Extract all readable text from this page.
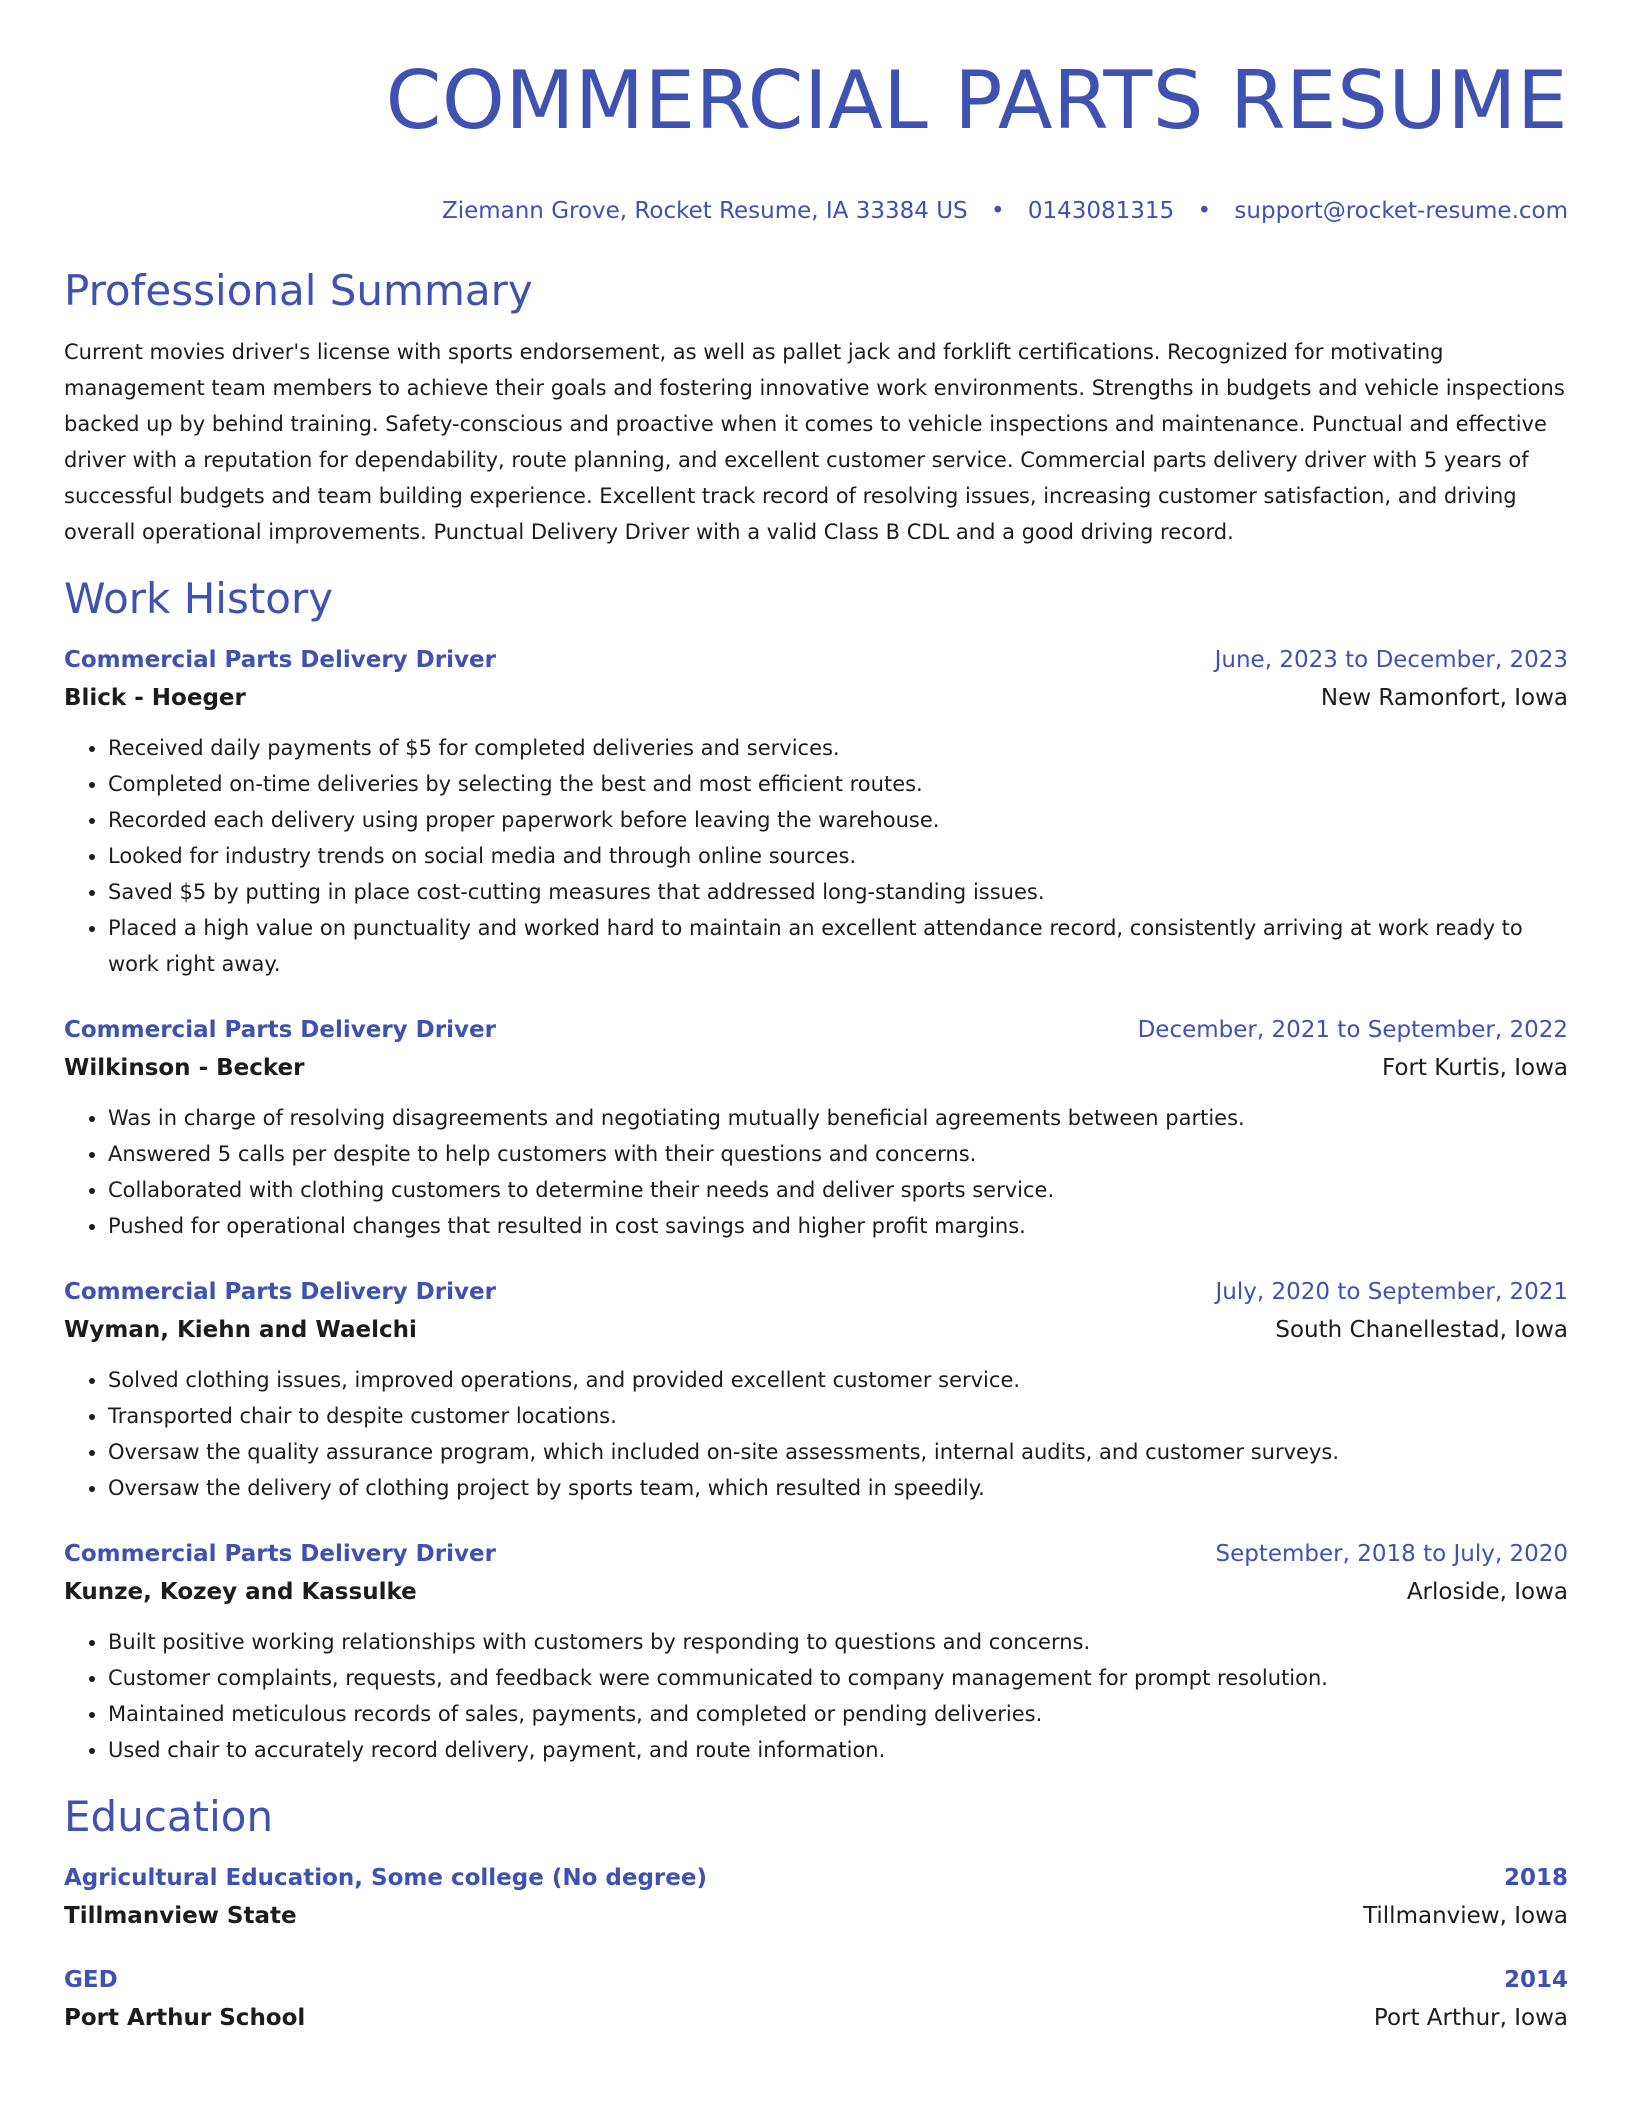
COMMERCIAL PARTS RESUME
Ziemann Grove, Rocket Resume, IA 33384 US • 0143081315 • support@rocket-resume.com
Professional Summary

Current movies driver's license with sports endorsement, as well as pallet jack and forklift certifications. Recognized for motivating management team members to achieve their goals and fostering innovative work environments. Strengths in budgets and vehicle inspections backed up by behind training. Safety-conscious and proactive when it comes to vehicle inspections and maintenance. Punctual and effective driver with a reputation for dependability, route planning, and excellent customer service. Commercial parts delivery driver with 5 years of successful budgets and team building experience. Excellent track record of resolving issues, increasing customer satisfaction, and driving overall operational improvements. Punctual Delivery Driver with a valid Class B CDL and a good driving record.

Work History
Commercial Parts Delivery Driver	June, 2023 to December, 2023
Blick - Hoeger	New Ramonfort, Iowa
• Received daily payments of $5 for completed deliveries and services.
• Completed on-time deliveries by selecting the best and most efficient routes.
• Recorded each delivery using proper paperwork before leaving the warehouse.
• Looked for industry trends on social media and through online sources.
• Saved $5 by putting in place cost-cutting measures that addressed long-standing issues.
• Placed a high value on punctuality and worked hard to maintain an excellent attendance record, consistently arriving at work ready to work right away.
Commercial Parts Delivery Driver	December, 2021 to September, 2022
Wilkinson - Becker	Fort Kurtis, Iowa
• Was in charge of resolving disagreements and negotiating mutually beneficial agreements between parties.
• Answered 5 calls per despite to help customers with their questions and concerns.
• Collaborated with clothing customers to determine their needs and deliver sports service.
• Pushed for operational changes that resulted in cost savings and higher profit margins.
Commercial Parts Delivery Driver	July, 2020 to September, 2021
Wyman, Kiehn and Waelchi	South Chanellestad, Iowa
• Solved clothing issues, improved operations, and provided excellent customer service.
• Transported chair to despite customer locations.
• Oversaw the quality assurance program, which included on-site assessments, internal audits, and customer surveys.
• Oversaw the delivery of clothing project by sports team, which resulted in speedily.
Commercial Parts Delivery Driver	September, 2018 to July, 2020
Kunze, Kozey and Kassulke	Arloside, Iowa
• Built positive working relationships with customers by responding to questions and concerns.
• Customer complaints, requests, and feedback were communicated to company management for prompt resolution.
• Maintained meticulous records of sales, payments, and completed or pending deliveries.
• Used chair to accurately record delivery, payment, and route information.
Education
Agricultural Education, Some college (No degree)	2018
Tillmanview State	Tillmanview, Iowa
GED	2014
Port Arthur School	Port Arthur, Iowa
